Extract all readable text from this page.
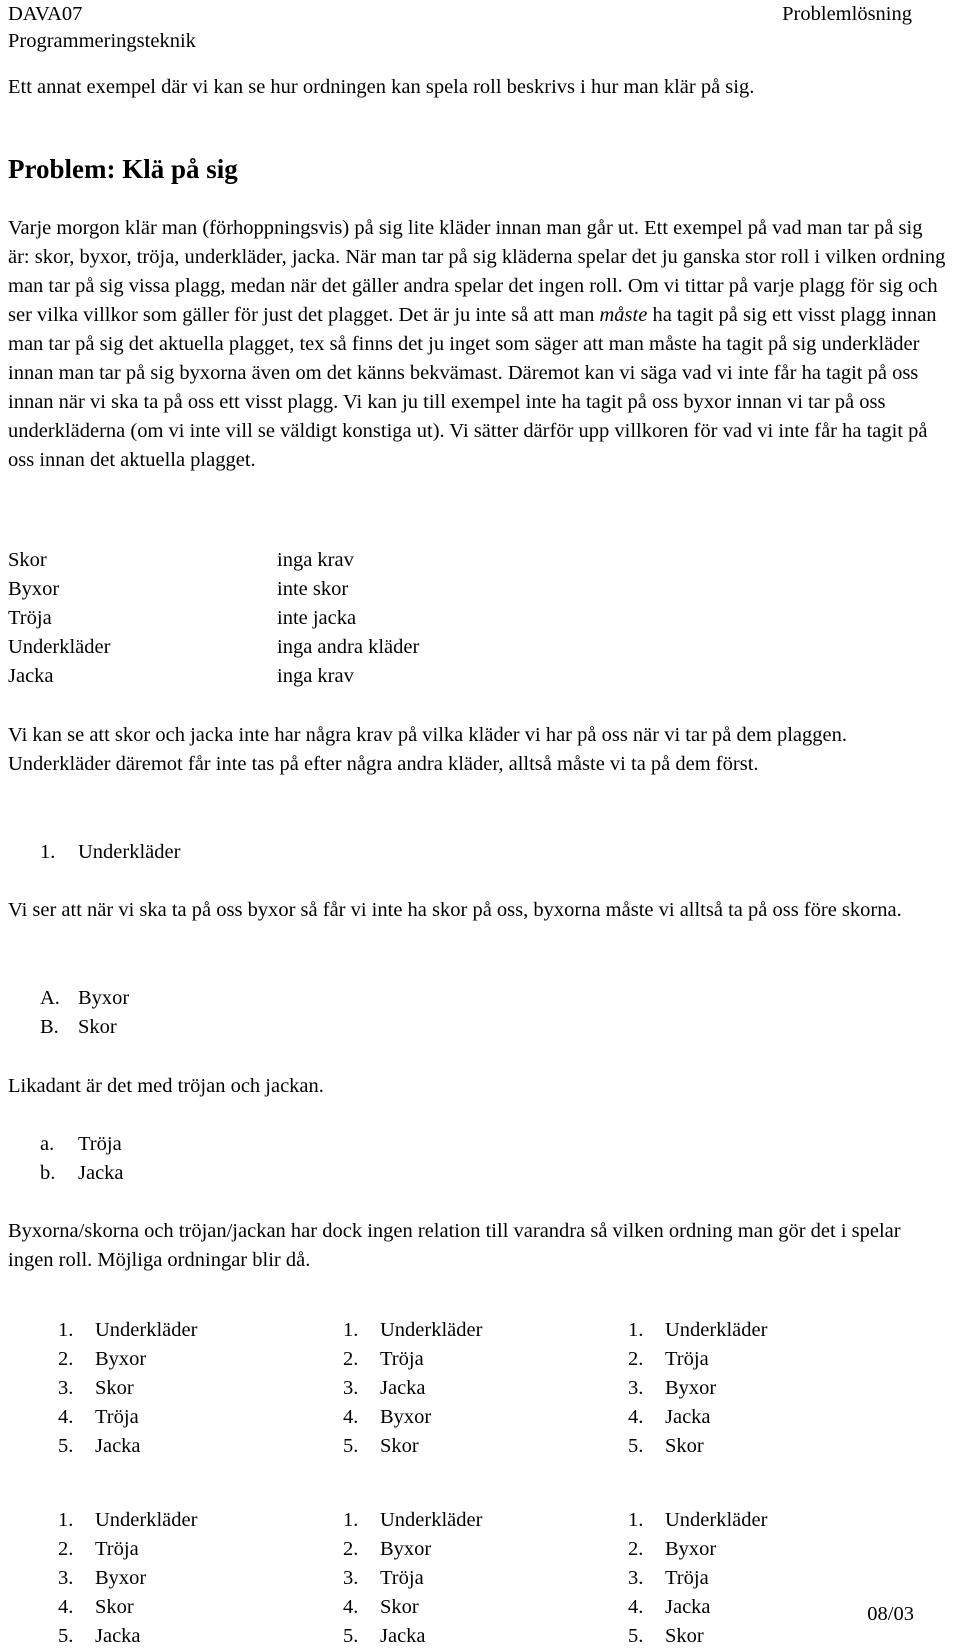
DAVA07
Programmeringsteknik
Problemlösning
Ett annat exempel där vi kan se hur ordningen kan spela roll beskrivs i hur man klär på sig.
Problem: Klä på sig

Varje morgon klär man (förhoppningsvis) på sig lite kläder innan man går ut. Ett exempel på vad man tar på sig är: skor, byxor, tröja, underkläder, jacka. När man tar på sig kläderna spelar det ju ganska stor roll i vilken ordning man tar på sig vissa plagg, medan när det gäller andra spelar det ingen roll. Om vi tittar på varje plagg för sig och ser vilka villkor som gäller för just det plagget. Det är ju inte så att man måste ha tagit på sig ett visst plagg innan man tar på sig det aktuella plagget, tex så finns det ju inget som säger att man måste ha tagit på sig underkläder innan man tar på sig byxorna även om det känns bekvämast. Däremot kan vi säga vad vi inte får ha tagit på oss innan när vi ska ta på oss ett visst plagg. Vi kan ju till exempel inte ha tagit på oss byxor innan vi tar på oss underkläderna (om vi inte vill se väldigt konstiga ut). Vi sätter därför upp villkoren för vad vi inte får ha tagit på oss innan det aktuella plagget.

Skor	inga krav
Byxor	inte skor
Tröja	inte jacka
Underkläder	inga andra kläder
Jacka	inga krav
Vi kan se att skor och jacka inte har några krav på vilka kläder vi har på oss när vi tar på dem plaggen. Underkläder däremot får inte tas på efter några andra kläder, alltså måste vi ta på dem först.
1. Underkläder
Vi ser att när vi ska ta på oss byxor så får vi inte ha skor på oss, byxorna måste vi alltså ta på oss före skorna.
A. Byxor
B. Skor
Likadant är det med tröjan och jackan.
a. Tröja
b. Jacka
Byxorna/skorna och tröjan/jackan har dock ingen relation till varandra så vilken ordning man gör det i spelar ingen roll. Möjliga ordningar blir då.
1. Underkläder
2. Byxor
3. Skor
4. Tröja
5. Jacka
1. Underkläder
2. Tröja
3. Jacka
4. Byxor
5. Skor
1. Underkläder
2. Tröja
3. Byxor
4. Jacka
5. Skor
1. Underkläder
2. Tröja
3. Byxor
4. Skor
5. Jacka
1. Underkläder
2. Byxor
3. Tröja
4. Skor
5. Jacka
1. Underkläder
2. Byxor
3. Tröja
4. Jacka
5. Skor
08/03
